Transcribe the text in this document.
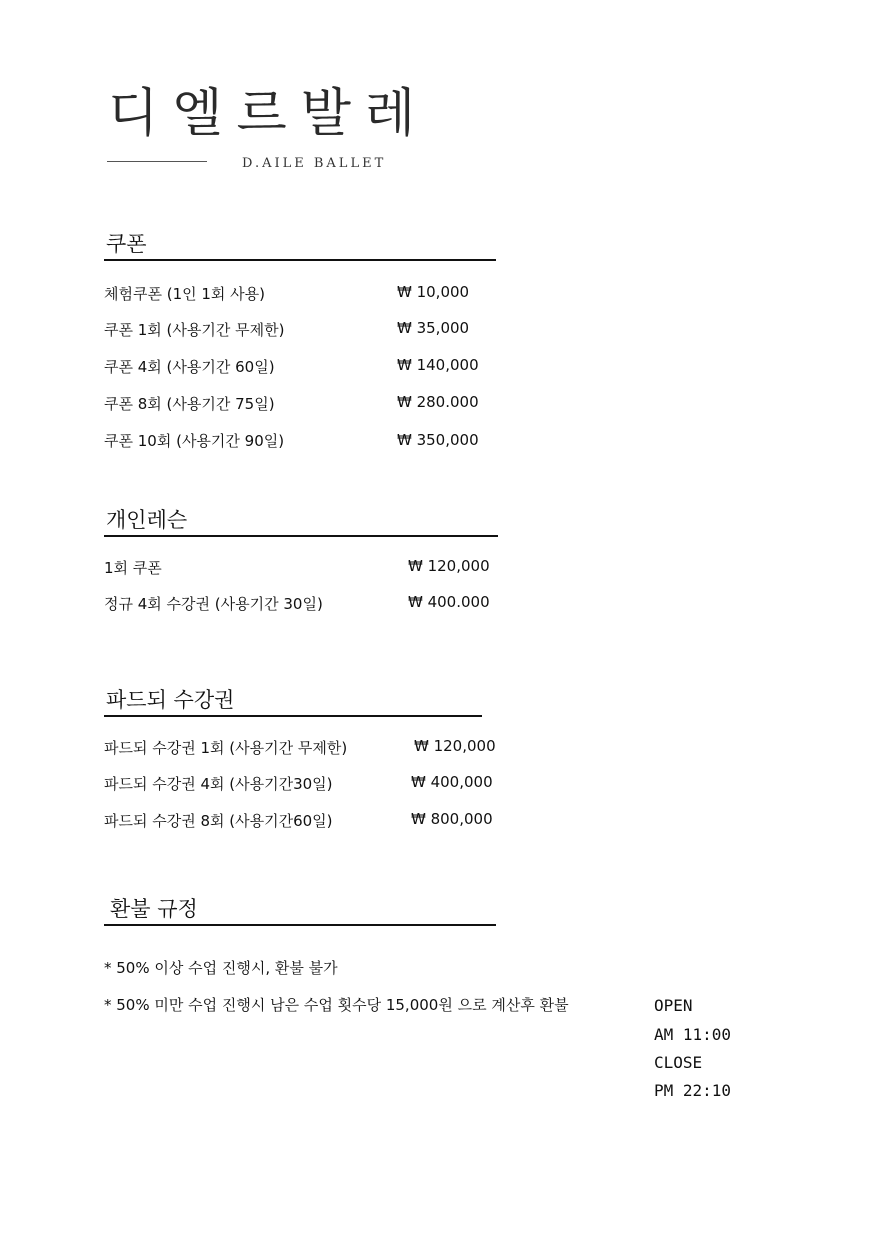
디엘르발레
D.AILE BALLET
쿠폰
체험쿠폰 (1인 1회 사용)	₩ 10,000
쿠폰 1회 (사용기간 무제한)	₩ 35,000
쿠폰 4회 (사용기간 60일)	₩ 140,000
쿠폰 8회 (사용기간 75일)	₩ 280.000
쿠폰 10회 (사용기간 90일)	₩ 350,000
개인레슨
1회 쿠폰	₩ 120,000
정규 4회 수강권 (사용기간 30일)	₩ 400.000
파드되 수강권
파드되 수강권 1회 (사용기간 무제한)	₩ 120,000
파드되 수강권 4회 (사용기간30일)	₩ 400,000
파드되 수강권 8회 (사용기간60일)	₩ 800,000
환불 규정
* 50% 이상 수업 진행시, 환불 불가
* 50% 미만 수업 진행시 남은 수업 횟수당 15,000원 으로 계산후 환불	OPEN
AM 11:00
CLOSE
PM 22:10
